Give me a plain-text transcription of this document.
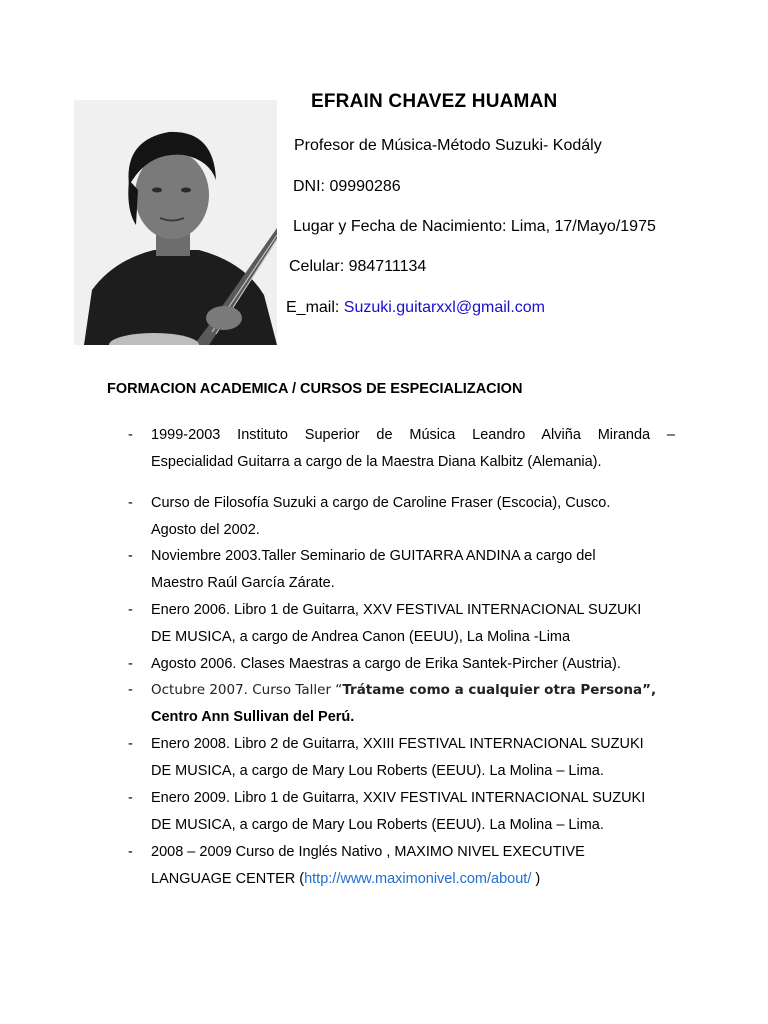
EFRAIN CHAVEZ HUAMAN
Profesor de Música-Método Suzuki- Kodály
DNI: 09990286
Lugar y Fecha de Nacimiento: Lima, 17/Mayo/1975
Celular: 984711134
E_mail: Suzuki.guitarxxl@gmail.com
FORMACION ACADEMICA / CURSOS DE ESPECIALIZACION
- 1999-2003 Instituto Superior de Música Leandro Alviña Miranda –
Especialidad Guitarra a cargo de la Maestra Diana Kalbitz (Alemania).
- Curso de Filosofía Suzuki a cargo de Caroline Fraser (Escocia), Cusco.
Agosto del 2002.
- Noviembre 2003.Taller Seminario de GUITARRA ANDINA a cargo del
Maestro Raúl García Zárate.
- Enero 2006. Libro 1 de Guitarra, XXV FESTIVAL INTERNACIONAL SUZUKI
DE MUSICA, a cargo de Andrea Canon (EEUU), La Molina -Lima
- Agosto 2006. Clases Maestras a cargo de Erika Santek-Pircher (Austria).
- Octubre 2007. Curso Taller “Trátame como a cualquier otra Persona”,
Centro Ann Sullivan del Perú.
- Enero 2008. Libro 2 de Guitarra, XXIII FESTIVAL INTERNACIONAL SUZUKI
DE MUSICA, a cargo de Mary Lou Roberts (EEUU). La Molina – Lima.
- Enero 2009. Libro 1 de Guitarra, XXIV FESTIVAL INTERNACIONAL SUZUKI
DE MUSICA, a cargo de Mary Lou Roberts (EEUU). La Molina – Lima.
- 2008 – 2009 Curso de Inglés Nativo , MAXIMO NIVEL EXECUTIVE
LANGUAGE CENTER (http://www.maximonivel.com/about/ )
